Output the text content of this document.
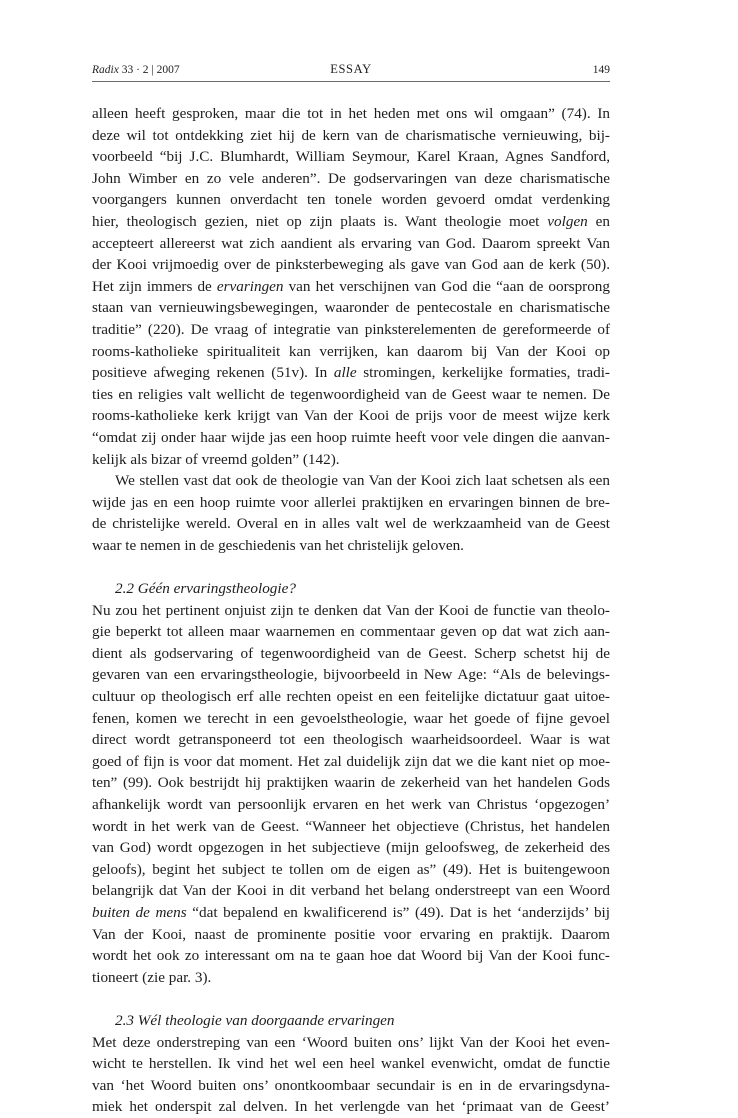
Radix 33 · 2 | 2007	ESSAY	149
alleen heeft gesproken, maar die tot in het heden met ons wil omgaan” (74). In
deze wil tot ontdekking ziet hij de kern van de charismatische vernieuwing, bij-
voorbeeld “bij J.C. Blumhardt, William Seymour, Karel Kraan, Agnes Sandford,
John Wimber en zo vele anderen”. De godservaringen van deze charismatische
voorgangers kunnen onverdacht ten tonele worden gevoerd omdat verdenking
hier, theologisch gezien, niet op zijn plaats is. Want theologie moet volgen en
accepteert allereerst wat zich aandient als ervaring van God. Daarom spreekt Van
der Kooi vrijmoedig over de pinksterbeweging als gave van God aan de kerk (50).
Het zijn immers de ervaringen van het verschijnen van God die “aan de oorsprong
staan van vernieuwingsbewegingen, waaronder de pentecostale en charismatische
traditie” (220). De vraag of integratie van pinksterelementen de gereformeerde of
rooms-katholieke spiritualiteit kan verrijken, kan daarom bij Van der Kooi op
positieve afweging rekenen (51v). In alle stromingen, kerkelijke formaties, tradi-
ties en religies valt wellicht de tegenwoordigheid van de Geest waar te nemen. De
rooms-katholieke kerk krijgt van Van der Kooi de prijs voor de meest wijze kerk
“omdat zij onder haar wijde jas een hoop ruimte heeft voor vele dingen die aanvan-
kelijk als bizar of vreemd golden” (142).
We stellen vast dat ook de theologie van Van der Kooi zich laat schetsen als een
wijde jas en een hoop ruimte voor allerlei praktijken en ervaringen binnen de bre-
de christelijke wereld. Overal en in alles valt wel de werkzaamheid van de Geest
waar te nemen in de geschiedenis van het christelijk geloven.
2.2 Géén ervaringstheologie?
Nu zou het pertinent onjuist zijn te denken dat Van der Kooi de functie van theolo-
gie beperkt tot alleen maar waarnemen en commentaar geven op dat wat zich aan-
dient als godservaring of tegenwoordigheid van de Geest. Scherp schetst hij de
gevaren van een ervaringstheologie, bijvoorbeeld in New Age: “Als de belevings-
cultuur op theologisch erf alle rechten opeist en een feitelijke dictatuur gaat uitoe-
fenen, komen we terecht in een gevoelstheologie, waar het goede of fijne gevoel
direct wordt getransponeerd tot een theologisch waarheidsoordeel. Waar is wat
goed of fijn is voor dat moment. Het zal duidelijk zijn dat we die kant niet op moe-
ten” (99). Ook bestrijdt hij praktijken waarin de zekerheid van het handelen Gods
afhankelijk wordt van persoonlijk ervaren en het werk van Christus ‘opgezogen’
wordt in het werk van de Geest. “Wanneer het objectieve (Christus, het handelen
van God) wordt opgezogen in het subjectieve (mijn geloofsweg, de zekerheid des
geloofs), begint het subject te tollen om de eigen as” (49). Het is buitengewoon
belangrijk dat Van der Kooi in dit verband het belang onderstreept van een Woord
buiten de mens “dat bepalend en kwalificerend is” (49). Dat is het ‘anderzijds’ bij
Van der Kooi, naast de prominente positie voor ervaring en praktijk. Daarom
wordt het ook zo interessant om na te gaan hoe dat Woord bij Van der Kooi func-
tioneert (zie par. 3).
2.3 Wél theologie van doorgaande ervaringen
Met deze onderstreping van een ‘Woord buiten ons’ lijkt Van der Kooi het even-
wicht te herstellen. Ik vind het wel een heel wankel evenwicht, omdat de functie
van ‘het Woord buiten ons’ onontkoombaar secundair is en in de ervaringsdyna-
miek het onderspit zal delven. In het verlengde van het ‘primaat van de Geest’
